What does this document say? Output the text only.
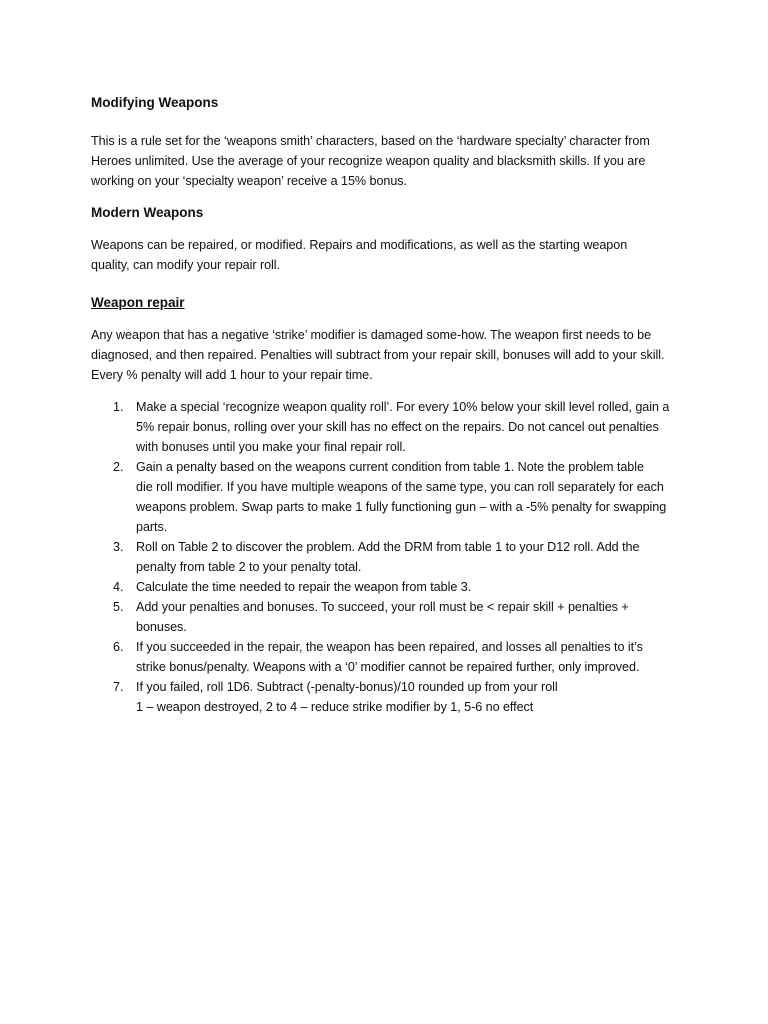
Modifying Weapons

This is a rule set for the ‘weapons smith’ characters, based on the ‘hardware specialty’ character from

Heroes unlimited. Use the average of your recognize weapon quality and blacksmith skills. If you are

working on your ‘specialty weapon’ receive a 15% bonus.

Modern Weapons

Weapons can be repaired, or modified. Repairs and modifications, as well as the starting weapon

quality, can modify your repair roll.

Weapon repair

Any weapon that has a negative ‘strike’ modifier is damaged some-how. The weapon first needs to be

diagnosed, and then repaired. Penalties will subtract from your repair skill, bonuses will add to your skill.

Every % penalty will add 1 hour to your repair time.

1. Make a special ‘recognize weapon quality roll’. For every 10% below your skill level rolled, gain a
5% repair bonus, rolling over your skill has no effect on the repairs. Do not cancel out penalties
with bonuses until you make your final repair roll.
2. Gain a penalty based on the weapons current condition from table 1. Note the problem table
die roll modifier. If you have multiple weapons of the same type, you can roll separately for each
weapons problem. Swap parts to make 1 fully functioning gun – with a -5% penalty for swapping
parts.
3. Roll on Table 2 to discover the problem. Add the DRM from table 1 to your D12 roll. Add the
penalty from table 2 to your penalty total.
4. Calculate the time needed to repair the weapon from table 3.
5. Add your penalties and bonuses. To succeed, your roll must be < repair skill + penalties +
bonuses.
6. If you succeeded in the repair, the weapon has been repaired, and losses all penalties to it’s
strike bonus/penalty. Weapons with a ‘0’ modifier cannot be repaired further, only improved.
7. If you failed, roll 1D6. Subtract (-penalty-bonus)/10 rounded up from your roll
1 – weapon destroyed, 2 to 4 – reduce strike modifier by 1, 5-6 no effect
